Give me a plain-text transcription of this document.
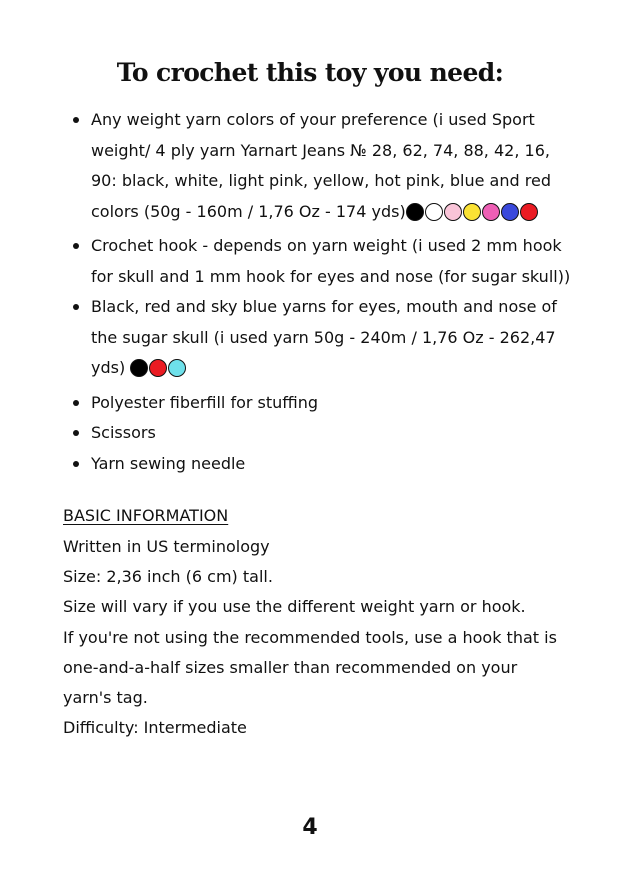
To crochet this toy you need:
Any weight yarn colors of your preference (i used Sport weight/ 4 ply yarn Yarnart Jeans № 28, 62, 74, 88, 42, 16, 90: black, white, light pink, yellow, hot pink, blue and red colors (50g - 160m / 1,76 Oz - 174 yds)
Crochet hook - depends on yarn weight (i used 2 mm hook for skull and 1 mm hook for eyes and nose (for sugar skull))
Black, red and sky blue yarns for eyes, mouth and nose of the sugar skull (i used yarn 50g - 240m / 1,76 Oz - 262,47 yds)
Polyester fiberfill for stuffing
Scissors
Yarn sewing needle
BASIC INFORMATION

Written in US terminology

Size: 2,36 inch (6 cm) tall.

Size will vary if you use the different weight yarn or hook.

If you're not using the recommended tools, use a hook that is one-and-a-half sizes smaller than recommended on your yarn's tag.

Difficulty: Intermediate

4
